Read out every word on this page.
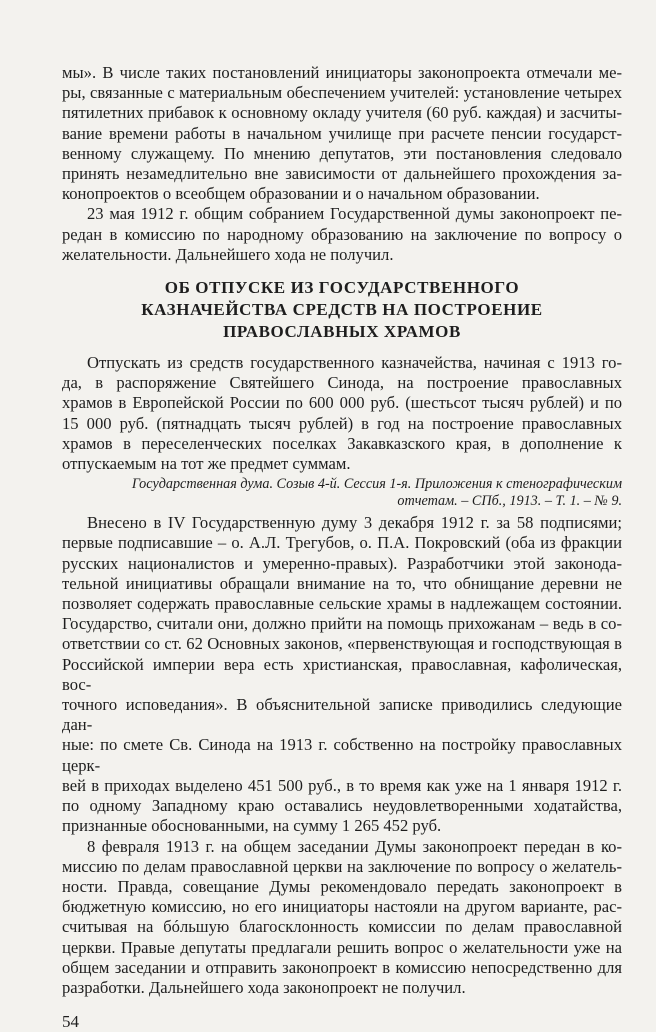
мы». В числе таких постановлений инициаторы законопроекта отмечали ме-
ры, связанные с материальным обеспечением учителей: установление четырех
пятилетних прибавок к основному окладу учителя (60 руб. каждая) и засчиты-
вание времени работы в начальном училище при расчете пенсии государст-
венному служащему. По мнению депутатов, эти постановления следовало
принять незамедлительно вне зависимости от дальнейшего прохождения за-
конопроектов о всеобщем образовании и о начальном образовании.
23 мая 1912 г. общим собранием Государственной думы законопроект пе-
редан в комиссию по народному образованию на заключение по вопросу о
желательности. Дальнейшего хода не получил.
ОБ ОТПУСКЕ ИЗ ГОСУДАРСТВЕННОГО
КАЗНАЧЕЙСТВА СРЕДСТВ НА ПОСТРОЕНИЕ
ПРАВОСЛАВНЫХ ХРАМОВ
Отпускать из средств государственного казначейства, начиная с 1913 го-
да, в распоряжение Святейшего Синода, на построение православных
храмов в Европейской России по 600 000 руб. (шестьсот тысяч рублей) и по
15 000 руб. (пятнадцать тысяч рублей) в год на построение православных
храмов в переселенческих поселках Закавказского края, в дополнение к
отпускаемым на тот же предмет суммам.
Государственная дума. Созыв 4-й. Сессия 1-я. Приложения к стенографическим
отчетам. – СПб., 1913. – Т. 1. – № 9.
Внесено в IV Государственную думу 3 декабря 1912 г. за 58 подписями;
первые подписавшие – о. А.Л. Трегубов, о. П.А. Покровский (оба из фракции
русских националистов и умеренно-правых). Разработчики этой законода-
тельной инициативы обращали внимание на то, что обнищание деревни не
позволяет содержать православные сельские храмы в надлежащем состоянии.
Государство, считали они, должно прийти на помощь прихожанам – ведь в со-
ответствии со ст. 62 Основных законов, «первенствующая и господствующая в
Российской империи вера есть христианская, православная, кафолическая, вос-
точного исповедания». В объяснительной записке приводились следующие дан-
ные: по смете Св. Синода на 1913 г. собственно на постройку православных церк-
вей в приходах выделено 451 500 руб., в то время как уже на 1 января 1912 г.
по одному Западному краю оставались неудовлетворенными ходатайства,
признанные обоснованными, на сумму 1 265 452 руб.
8 февраля 1913 г. на общем заседании Думы законопроект передан в ко-
миссию по делам православной церкви на заключение по вопросу о желатель-
ности. Правда, совещание Думы рекомендовало передать законопроект в
бюджетную комиссию, но его инициаторы настояли на другом варианте, рас-
считывая на бóльшую благосклонность комиссии по делам православной
церкви. Правые депутаты предлагали решить вопрос о желательности уже на
общем заседании и отправить законопроект в комиссию непосредственно для
разработки. Дальнейшего хода законопроект не получил.
54
